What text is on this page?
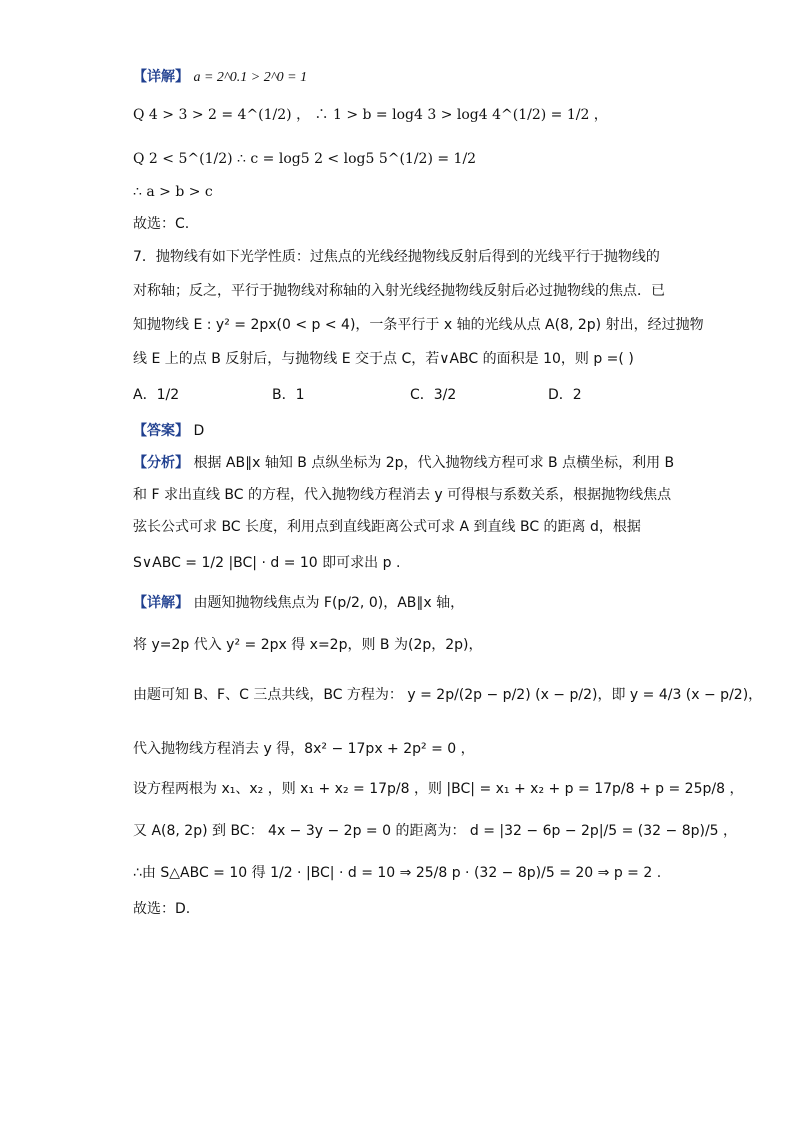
【详解】 a = 2^0.1 > 2^0 = 1
Q 4 > 3 > 2 = 4^(1/2) ， ∴ 1 > b = log4 3 > log4 4^(1/2) = 1/2 ，
Q 2 < 5^(1/2) ∴ c = log5 2 < log5 5^(1/2) = 1/2
∴ a > b > c
故选：C.
7．抛物线有如下光学性质：过焦点的光线经抛物线反射后得到的光线平行于抛物线的
对称轴；反之，平行于抛物线对称轴的入射光线经抛物线反射后必过抛物线的焦点．已
知抛物线 E : y² = 2px(0 < p < 4)，一条平行于 x 轴的光线从点 A(8, 2p) 射出，经过抛物
线 E 上的点 B 反射后，与抛物线 E 交于点 C，若∨ABC 的面积是 10，则 p =( )
A．1/2	B．1	C．3/2	D．2
【答案】 D
【分析】 根据 AB∥x 轴知 B 点纵坐标为 2p，代入抛物线方程可求 B 点横坐标，利用 B
和 F 求出直线 BC 的方程，代入抛物线方程消去 y 可得根与系数关系，根据抛物线焦点
弦长公式可求 BC 长度，利用点到直线距离公式可求 A 到直线 BC 的距离 d，根据
S∨ABC = 1/2 |BC| · d = 10 即可求出 p .
【详解】 由题知抛物线焦点为 F(p/2, 0)，AB∥x 轴，
将 y=2p 代入 y² = 2px 得 x=2p，则 B 为(2p，2p)，
由题可知 B、F、C 三点共线，BC 方程为： y = 2p/(2p − p/2) (x − p/2)，即 y = 4/3 (x − p/2)，
代入抛物线方程消去 y 得，8x² − 17px + 2p² = 0 ，
设方程两根为 x₁、x₂ ，则 x₁ + x₂ = 17p/8 ，则 |BC| = x₁ + x₂ + p = 17p/8 + p = 25p/8 ，
又 A(8, 2p) 到 BC： 4x − 3y − 2p = 0 的距离为： d = |32 − 6p − 2p|/5 = (32 − 8p)/5 ，
∴由 S△ABC = 10 得 1/2 · |BC| · d = 10 ⇒ 25/8 p · (32 − 8p)/5 = 20 ⇒ p = 2 .
故选：D.
